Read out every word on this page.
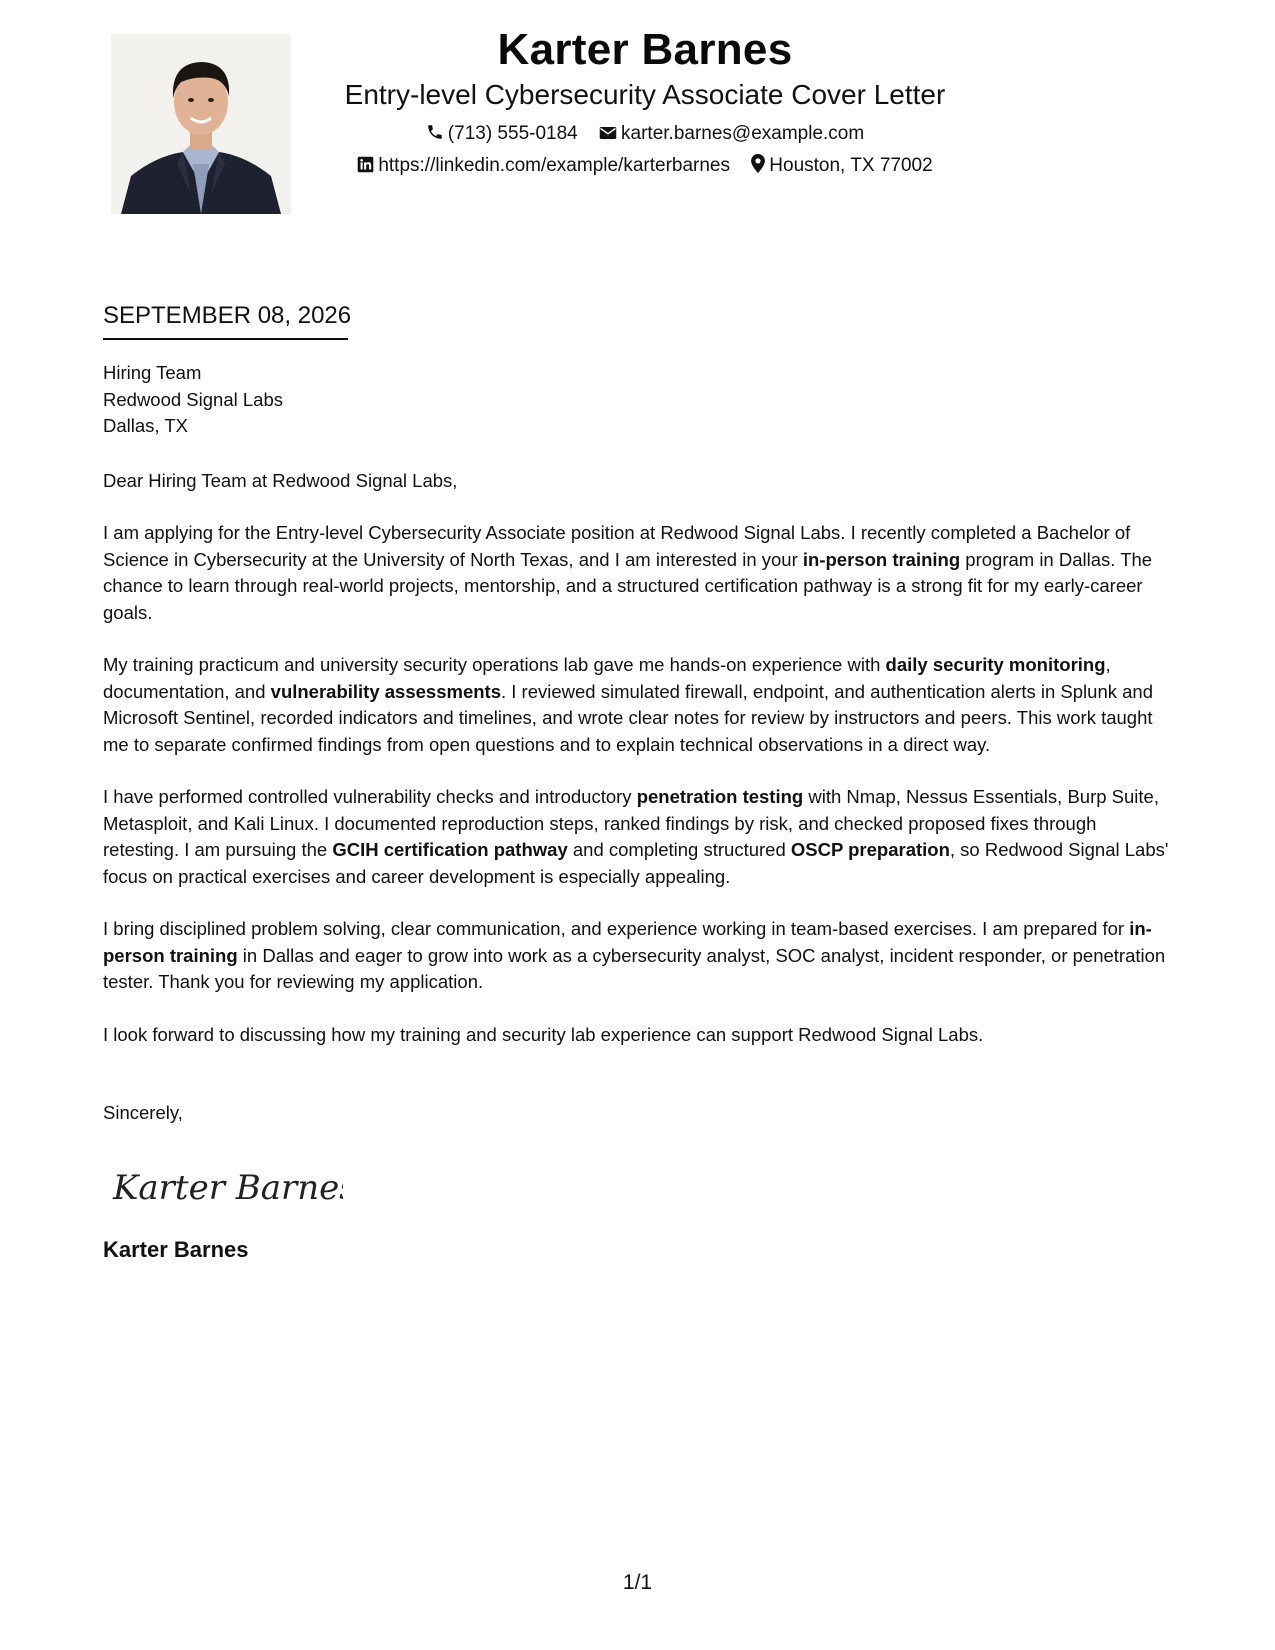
Karter Barnes
Entry-level Cybersecurity Associate Cover Letter
(713) 555-0184 karter.barnes@example.com
https://linkedin.com/example/karterbarnes Houston, TX 77002
SEPTEMBER 08, 2026
Hiring Team
Redwood Signal Labs
Dallas, TX
Dear Hiring Team at Redwood Signal Labs,
I am applying for the Entry-level Cybersecurity Associate position at Redwood Signal Labs. I recently completed a Bachelor of Science in Cybersecurity at the University of North Texas, and I am interested in your in-person training program in Dallas. The chance to learn through real-world projects, mentorship, and a structured certification pathway is a strong fit for my early-career goals.
My training practicum and university security operations lab gave me hands-on experience with daily security monitoring, documentation, and vulnerability assessments. I reviewed simulated firewall, endpoint, and authentication alerts in Splunk and Microsoft Sentinel, recorded indicators and timelines, and wrote clear notes for review by instructors and peers. This work taught me to separate confirmed findings from open questions and to explain technical observations in a direct way.
I have performed controlled vulnerability checks and introductory penetration testing with Nmap, Nessus Essentials, Burp Suite, Metasploit, and Kali Linux. I documented reproduction steps, ranked findings by risk, and checked proposed fixes through retesting. I am pursuing the GCIH certification pathway and completing structured OSCP preparation, so Redwood Signal Labs' focus on practical exercises and career development is especially appealing.
I bring disciplined problem solving, clear communication, and experience working in team-based exercises. I am prepared for in-person training in Dallas and eager to grow into work as a cybersecurity analyst, SOC analyst, incident responder, or penetration tester. Thank you for reviewing my application.
I look forward to discussing how my training and security lab experience can support Redwood Signal Labs.
Sincerely,
Karter Barnes
Karter Barnes
1/1
